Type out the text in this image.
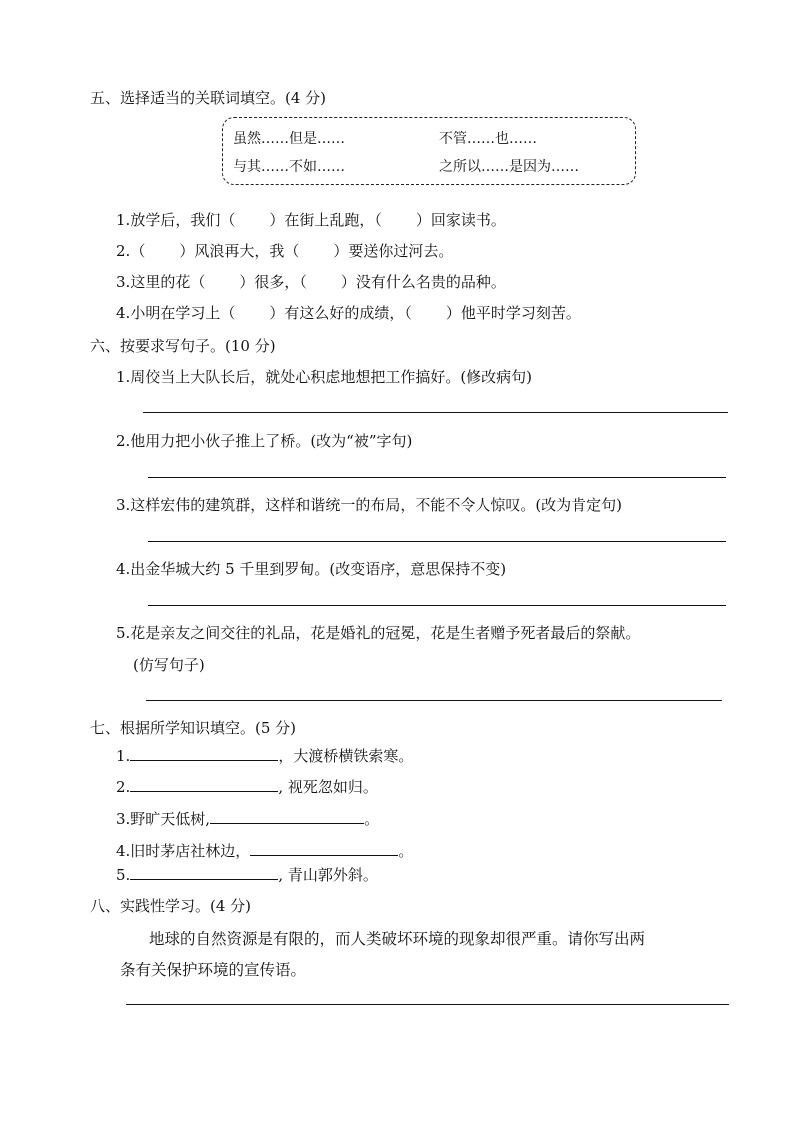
五、选择适当的关联词填空。(4 分)
虽然……但是……	不管……也……
与其……不如……	之所以……是因为……
1.放学后，我们（ ）在街上乱跑，（ ）回家读书。
2.（ ）风浪再大，我（ ）要送你过河去。
3.这里的花（ ）很多，（ ）没有什么名贵的品种。
4.小明在学习上（ ）有这么好的成绩，（ ）他平时学习刻苦。
六、按要求写句子。(10 分)
1.周佼当上大队长后，就处心积虑地想把工作搞好。(修改病句)
2.他用力把小伙子推上了桥。(改为“被”字句)
3.这样宏伟的建筑群，这样和谐统一的布局，不能不令人惊叹。(改为肯定句)
4.出金华城大约 5 千里到罗甸。(改变语序，意思保持不变)
5.花是亲友之间交往的礼品，花是婚礼的冠冕，花是生者赠予死者最后的祭献。
(仿写句子)
七、根据所学知识填空。(5 分)
1.	，大渡桥横铁索寒。
2.	, 视死忽如归。
3.野旷天低树,	。
4.旧时茅店社林边，	。
5.	, 青山郭外斜。
八、实践性学习。(4 分)
地球的自然资源是有限的，而人类破坏环境的现象却很严重。请你写出两
条有关保护环境的宣传语。
